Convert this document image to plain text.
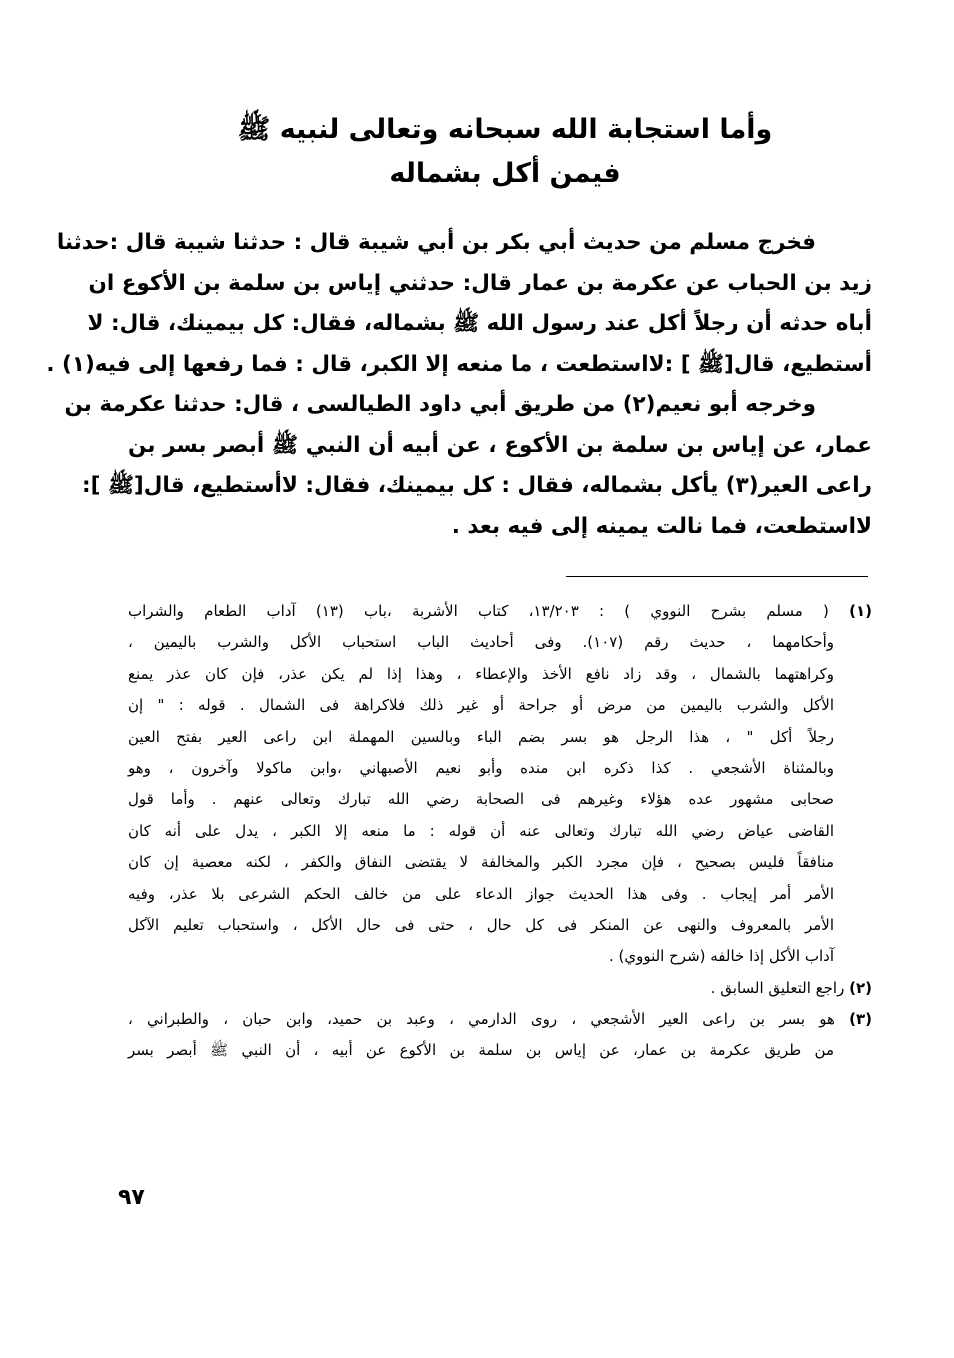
وأما استجابة الله سبحانه وتعالى لنبيه ﷺ
فيمن أكل بشماله
فخرج مسلم من حديث أبي بكر بن أبي شيبة قال : حدثنا شيبة قال :حدثنا
زيد بن الحباب عن عكرمة بن عمار قال: حدثني إياس بن سلمة بن الأكوع ان
أباه حدثه أن رجلاً أكل عند رسول الله ﷺ بشماله، فقال: كل بيمينك، قال: لا
أستطيع، قال[ﷺ ] :لااستطعت ، ما منعه إلا الكبر، قال : فما رفعها إلى فيه(١) .
وخرجه أبو نعيم(٢) من طريق أبي داود الطيالسى ، قال: حدثنا عكرمة بن
عمار، عن إياس بن سلمة بن الأكوع ، عن أبيه أن النبي ﷺ أبصر بسر بن
راعى العير(٣) يأكل بشماله، فقال : كل بيمينك، فقال: لاأستطيع، قال[ﷺ ]:
لااستطعت، فما نالت يمينه إلى فيه بعد .
(١) ( مسلم بشرح النووي ) : ١٣/٢٠٣، كتاب الأشربة ،باب (١٣) آداب الطعام والشراب
وأحكامهما ، حديث رقم (١٠٧). وفى أحاديث الباب استحباب الأكل والشرب باليمين ،
وكراهتهما بالشمال ، وقد زاد نافع الأخذ والإعطاء ، وهذا إذا لم يكن عذر، فإن كان عذر يمنع
الأكل والشرب باليمين من مرض أو جراحة أو غير ذلك فلاكراهة فى الشمال . قوله : " إن
رجلاً أكل " ، هذا الرجل هو بسر بضم الباء وبالسين المهملة ابن راعى العير بفتح العين
وبالمثناة الأشجعي . كذا ذكره ابن منده وأبو نعيم الأصبهاني ،وابن ماكولا وآخرون ، وهو
صحابى مشهور عده هؤلاء وغيرهم فى الصحابة رضي الله تبارك وتعالى عنهم . وأما قول
القاضى عياض رضي الله تبارك وتعالى عنه أن قوله : ما منعه إلا الكبر ، يدل على أنه كان
منافقاً فليس بصحيح ، فإن مجرد الكبر والمخالفة لا يقتضى النفاق والكفر ، لكنه معصية إن كان
الأمر أمر إيجاب . وفى هذا الحديث جواز الدعاء على من خالف الحكم الشرعى بلا عذر، وفيه
الأمر بالمعروف والنهى عن المنكر فى كل حال ، حتى فى حال الأكل ، واستحباب تعليم الآكل
آداب الأكل إذا خالفه (شرح النووي) .
(٢) راجع التعليق السابق .
(٣) هو بسر بن راعى العير الأشجعي ، روى الدارمي ، وعبد بن حميد، وابن حبان ، والطبراني ،
من طريق عكرمة بن عمار، عن إياس بن سلمة بن الأكوع عن أبيه ، أن النبي ﷺ أبصر بسر
٩٧
